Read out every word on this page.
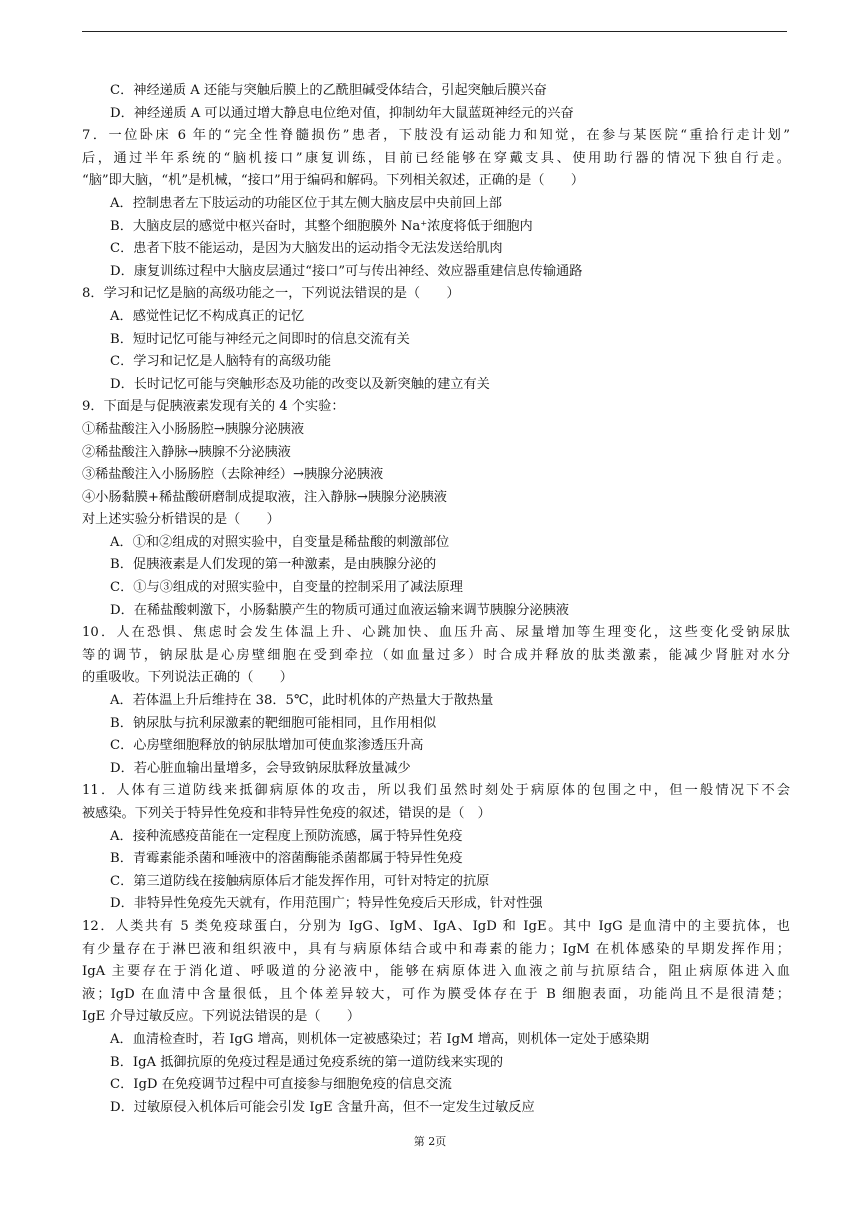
C．神经递质 A 还能与突触后膜上的乙酰胆碱受体结合，引起突触后膜兴奋
D．神经递质 A 可以通过增大静息电位绝对值，抑制幼年大鼠蓝斑神经元的兴奋
7．一位卧床 6 年的“完全性脊髓损伤”患者，下肢没有运动能力和知觉，在参与某医院“重拾行走计划”
后，通过半年系统的“脑机接口”康复训练，目前已经能够在穿戴支具、使用助行器的情况下独自行走。
“脑”即大脑，“机”是机械，“接口”用于编码和解码。下列相关叙述，正确的是（　　）
A．控制患者左下肢运动的功能区位于其左侧大脑皮层中央前回上部
B．大脑皮层的感觉中枢兴奋时，其整个细胞膜外 Na⁺浓度将低于细胞内
C．患者下肢不能运动，是因为大脑发出的运动指令无法发送给肌肉
D．康复训练过程中大脑皮层通过“接口”可与传出神经、效应器重建信息传输通路
8．学习和记忆是脑的高级功能之一，下列说法错误的是（　　）
A．感觉性记忆不构成真正的记忆
B．短时记忆可能与神经元之间即时的信息交流有关
C．学习和记忆是人脑特有的高级功能
D．长时记忆可能与突触形态及功能的改变以及新突触的建立有关
9．下面是与促胰液素发现有关的 4 个实验：
①稀盐酸注入小肠肠腔→胰腺分泌胰液
②稀盐酸注入静脉→胰腺不分泌胰液
③稀盐酸注入小肠肠腔（去除神经）→胰腺分泌胰液
④小肠黏膜+稀盐酸研磨制成提取液，注入静脉→胰腺分泌胰液
对上述实验分析错误的是（　　）
A．①和②组成的对照实验中，自变量是稀盐酸的刺激部位
B．促胰液素是人们发现的第一种激素，是由胰腺分泌的
C．①与③组成的对照实验中，自变量的控制采用了减法原理
D．在稀盐酸刺激下，小肠黏膜产生的物质可通过血液运输来调节胰腺分泌胰液
10．人在恐惧、焦虑时会发生体温上升、心跳加快、血压升高、尿量增加等生理变化，这些变化受钠尿肽
等的调节，钠尿肽是心房壁细胞在受到牵拉（如血量过多）时合成并释放的肽类激素，能减少肾脏对水分
的重吸收。下列说法正确的（　　）
A．若体温上升后维持在 38．5℃，此时机体的产热量大于散热量
B．钠尿肽与抗利尿激素的靶细胞可能相同，且作用相似
C．心房壁细胞释放的钠尿肽增加可使血浆渗透压升高
D．若心脏血输出量增多，会导致钠尿肽释放量减少
11．人体有三道防线来抵御病原体的攻击，所以我们虽然时刻处于病原体的包围之中，但一般情况下不会
被感染。下列关于特异性免疫和非特异性免疫的叙述，错误的是（　）
A．接种流感疫苗能在一定程度上预防流感，属于特异性免疫
B．青霉素能杀菌和唾液中的溶菌酶能杀菌都属于特异性免疫
C．第三道防线在接触病原体后才能发挥作用，可针对特定的抗原
D．非特异性免疫先天就有，作用范围广；特异性免疫后天形成，针对性强
12．人类共有 5 类免疫球蛋白，分别为 IgG、IgM、IgA、IgD 和 IgE。其中 IgG 是血清中的主要抗体，也
有少量存在于淋巴液和组织液中，具有与病原体结合或中和毒素的能力；IgM 在机体感染的早期发挥作用；
IgA 主要存在于消化道、呼吸道的分泌液中，能够在病原体进入血液之前与抗原结合，阻止病原体进入血
液；IgD 在血清中含量很低，且个体差异较大，可作为膜受体存在于 B 细胞表面，功能尚且不是很清楚；
IgE 介导过敏反应。下列说法错误的是（　　）
A．血清检查时，若 IgG 增高，则机体一定被感染过；若 IgM 增高，则机体一定处于感染期
B．IgA 抵御抗原的免疫过程是通过免疫系统的第一道防线来实现的
C．IgD 在免疫调节过程中可直接参与细胞免疫的信息交流
D．过敏原侵入机体后可能会引发 IgE 含量升高，但不一定发生过敏反应
第 2页
